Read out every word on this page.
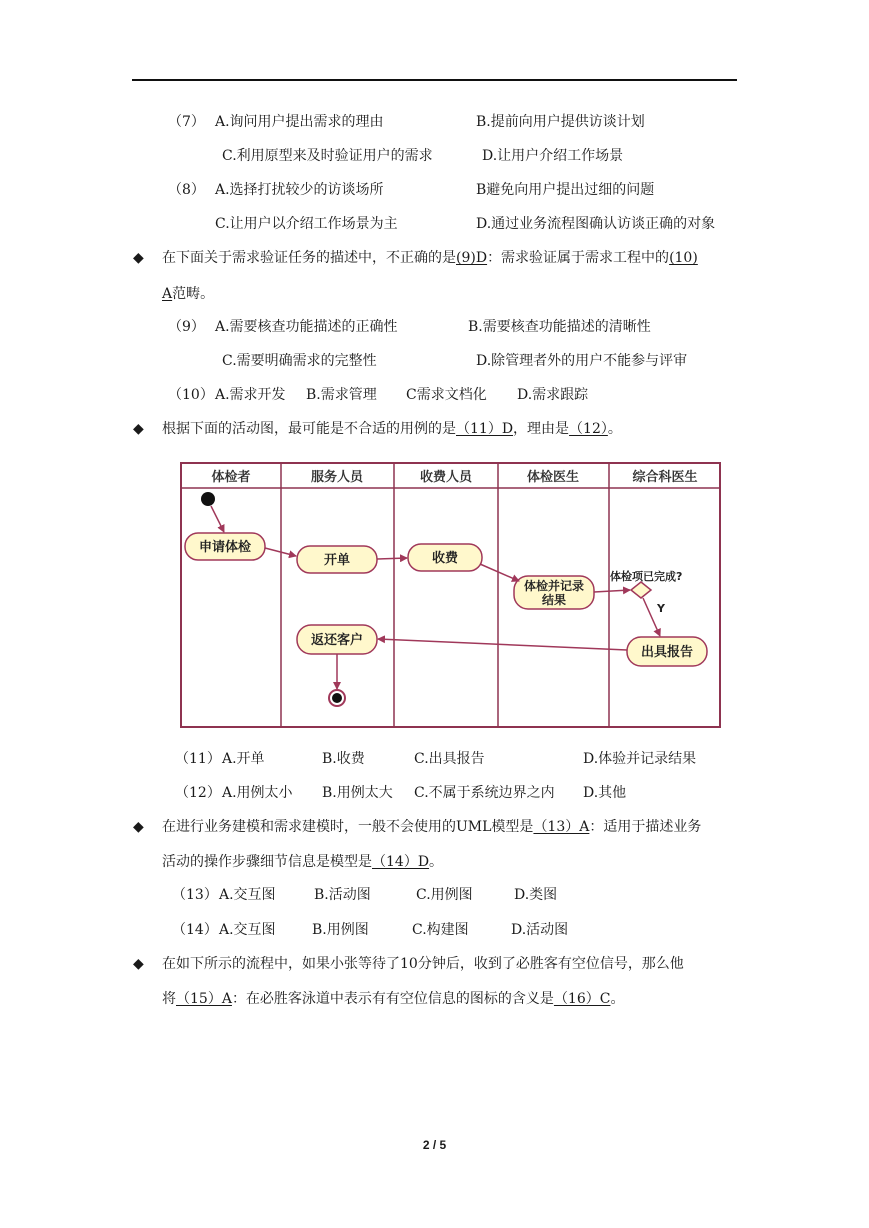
（7） A.询问用户提出需求的理由	B.提前向用户提供访谈计划
C.利用原型来及时验证用户的需求	D.让用户介绍工作场景
（8） A.选择打扰较少的访谈场所	B避免向用户提出过细的问题
C.让用户以介绍工作场景为主	D.通过业务流程图确认访谈正确的对象
◆ 在下面关于需求验证任务的描述中，不正确的是(9)D：需求验证属于需求工程中的(10)
A范畴。
（9） A.需要核查功能描述的正确性	B.需要核查功能描述的清晰性
C.需要明确需求的完整性	D.除管理者外的用户不能参与评审
（10） A.需求开发 B.需求管理 C需求文档化 D.需求跟踪
◆ 根据下面的活动图，最可能是不合适的用例的是（11）D，理由是（12）。
体检者	服务人员	收费人员	体检医生	综合科医生
申请体检
开单	收费
体检并记录
结果
出具报告
返还客户
体检项已完成?
Y
（11） A.开单	B.收费	C.出具报告	D.体验并记录结果
（12） A.用例太小 B.用例太大 C.不属于系统边界之内 D.其他
◆ 在进行业务建模和需求建模时，一般不会使用的UML模型是（13）A：适用于描述业务
活动的操作步骤细节信息是模型是（14）D。
（13） A.交互图	B.活动图	C.用例图	D.类图
（14） A.交互图	B.用例图	C.构建图	D.活动图
◆ 在如下所示的流程中，如果小张等待了10分钟后，收到了必胜客有空位信号，那么他
将（15）A：在必胜客泳道中表示有有空位信息的图标的含义是（16）C。
2 / 5
